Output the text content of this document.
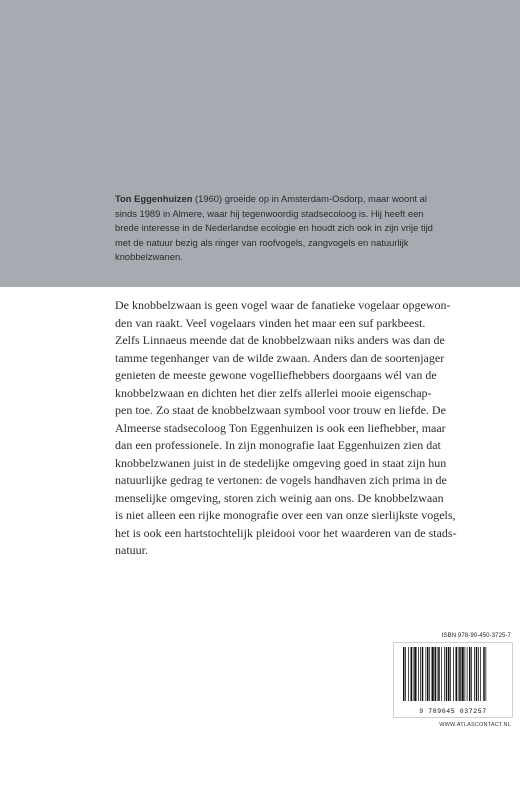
Ton Eggenhuizen (1960) groeide op in Amsterdam-Osdorp, maar woont al sinds 1989 in Almere, waar hij tegenwoordig stadsecoloog is. Hij heeft een brede interesse in de Nederlandse ecologie en houdt zich ook in zijn vrije tijd met de natuur bezig als ringer van roofvogels, zangvogels en natuurlijk knobbelzwanen.

De knobbelzwaan is geen vogel waar de fanatieke vogelaar opgewon-
den van raakt. Veel vogelaars vinden het maar een suf parkbeest.
Zelfs Linnaeus meende dat de knobbelzwaan niks anders was dan de
tamme tegenhanger van de wilde zwaan. Anders dan de soortenjager
genieten de meeste gewone vogelliefhebbers doorgaans wél van de
knobbelzwaan en dichten het dier zelfs allerlei mooie eigenschap-
pen toe. Zo staat de knobbelzwaan symbool voor trouw en liefde. De
Almeerse stadsecoloog Ton Eggenhuizen is ook een liefhebber, maar
dan een professionele. In zijn monografie laat Eggenhuizen zien dat
knobbelzwanen juist in de stedelijke omgeving goed in staat zijn hun
natuurlijke gedrag te vertonen: de vogels handhaven zich prima in de
menselijke omgeving, storen zich weinig aan ons. De knobbelzwaan
is niet alleen een rijke monografie over een van onze sierlijkste vogels,
het is ook een hartstochtelijk pleidooi voor het waarderen van de stads-
natuur.

ISBN 978-90-450-3725-7
9 789045 037257
WWW.ATLASCONTACT.NL
